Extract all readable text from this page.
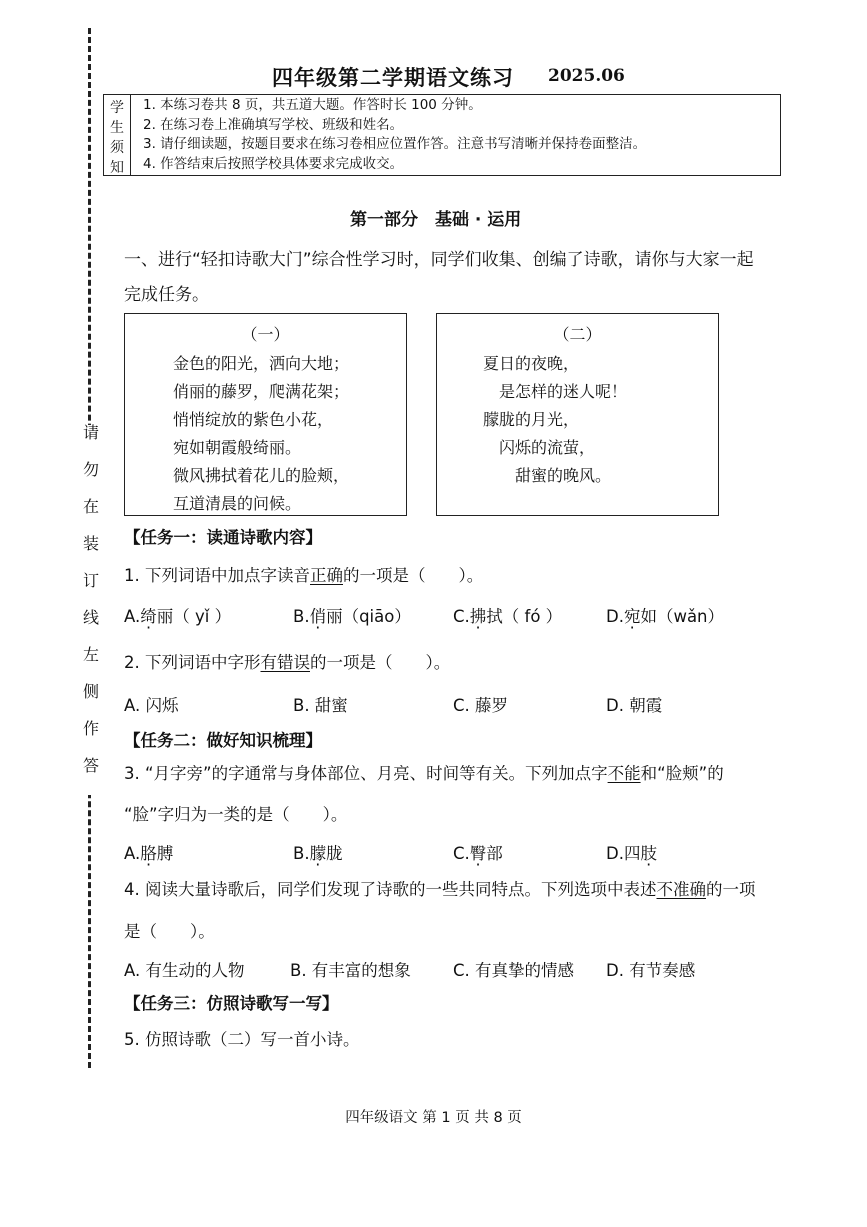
请
勿
在
装
订
线
左
侧
作
答
四年级第二学期语文练习 2025.06
学
生
须
知
1. 本练习卷共 8 页，共五道大题。作答时长 100 分钟。
2. 在练习卷上准确填写学校、班级和姓名。
3. 请仔细读题，按题目要求在练习卷相应位置作答。注意书写清晰并保持卷面整洁。
4. 作答结束后按照学校具体要求完成收交。
第一部分　基础 · 运用
一、进行“轻扣诗歌大门”综合性学习时，同学们收集、创编了诗歌，请你与大家一起完成任务。
（一）
金色的阳光，洒向大地；
俏丽的藤罗，爬满花架；
悄悄绽放的紫色小花，
宛如朝霞般绮丽。
微风拂拭着花儿的脸颊，
互道清晨的问候。
（二）
夏日的夜晚，
是怎样的迷人呢！
朦胧的月光，
闪烁的流萤，
甜蜜的晚风。
【任务一：读通诗歌内容】
1. 下列词语中加点字读音正确的一项是（　　）。
A.绮丽（ yǐ ）	B.俏丽（qiāo）	C.拂拭（ fó ）	D.宛如（wǎn）
2. 下列词语中字形有错误的一项是（　　）。
A. 闪烁	B. 甜蜜	C. 藤罗	D. 朝霞
【任务二：做好知识梳理】
3. “月字旁”的字通常与身体部位、月亮、时间等有关。下列加点字不能和“脸颊”的
“脸”字归为一类的是（　　）。
A.胳膊	B.朦胧	C.臀部	D.四肢
4. 阅读大量诗歌后，同学们发现了诗歌的一些共同特点。下列选项中表述不准确的一项
是（　　）。
A. 有生动的人物	B. 有丰富的想象	C. 有真挚的情感 D. 有节奏感
【任务三：仿照诗歌写一写】
5. 仿照诗歌（二）写一首小诗。
四年级语文 第 1 页 共 8 页
